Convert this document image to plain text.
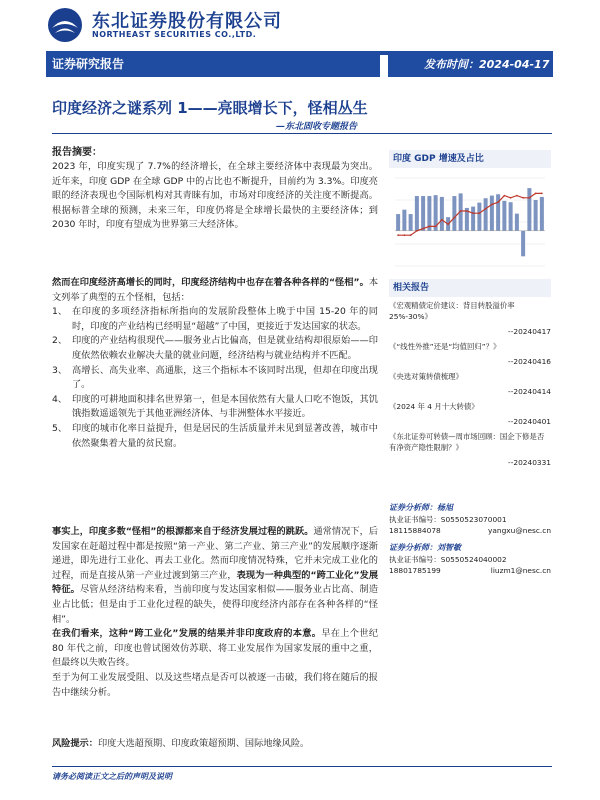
东北证券股份有限公司
NORTHEAST SECURITIES CO.,LTD.
证券研究报告	发布时间：2024-04-17
印度经济之谜系列 1——亮眼增长下，怪相丛生
—东北固收专题报告
报告摘要：

2023 年，印度实现了 7.7%的经济增长，在全球主要经济体中表现最为突出。近年来，印度 GDP 在全球 GDP 中的占比也不断提升，目前约为 3.3%。印度亮眼的经济表现也令国际机构对其青睐有加，市场对印度经济的关注度不断提高。根据标普全球的预测，未来三年，印度仍将是全球增长最快的主要经济体；到 2030 年时，印度有望成为世界第三大经济体。

然而在印度经济高增长的同时，印度经济结构中也存在着各种各样的“怪相”。本文列举了典型的五个怪相，包括：

1、 在印度的多项经济指标所指向的发展阶段整体上晚于中国 15-20 年的同时，印度的产业结构已经明显“超越”了中国，更接近于发达国家的状态。
2、 印度的产业结构很现代——服务业占比偏高，但是就业结构却很原始——印度依然依赖农业解决大量的就业问题，经济结构与就业结构并不匹配。
3、 高增长、高失业率、高通胀，这三个指标本不该同时出现，但却在印度出现了。
4、 印度的可耕地面积排名世界第一，但是本国依然有大量人口吃不饱饭，其饥饿指数遥遥领先于其他亚洲经济体、与非洲整体水平接近。
5、 印度的城市化率日益提升，但是居民的生活质量并未见到显著改善，城市中依然聚集着大量的贫民窟。

事实上，印度多数“怪相”的根源都来自于经济发展过程的跳跃。通常情况下，后发国家在赶超过程中都是按照“第一产业、第二产业、第三产业”的发展顺序逐渐递进，即先进行工业化、再去工业化。然而印度情况特殊，它并未完成工业化的过程，而是直接从第一产业过渡到第三产业，表现为一种典型的“跨工业化”发展特征。尽管从经济结构来看，当前印度与发达国家相似——服务业占比高、制造业占比低；但是由于工业化过程的缺失，使得印度经济内部存在各种各样的“怪相”。

在我们看来，这种“跨工业化”发展的结果并非印度政府的本意。早在上个世纪 80 年代之前，印度也曾试图效仿苏联、将工业发展作为国家发展的重中之重，但最终以失败告终。

至于为何工业发展受阻、以及这些堵点是否可以被逐一击破，我们将在随后的报告中继续分析。

风险提示：印度大选超预期、印度政策超预期、国际地缘风险。

印度 GDP 增速及占比
相关报告
《宏观精债定价建议：背目转股溢价率 25%-30%》
--20240417
《“线性外推”还是“均值回归”？》
--20240416
《央选对策转债梳理》
--20240414
《2024 年 4 月十大转债》
--20240401
《东北证券可转债—周市场回顾：国企下修是否有净资产隐性限制？》
--20240331
证券分析师：杨旭
执业证书编号：S0550523070001
18115884078	yangxu@nesc.cn
证券分析师：刘智敏
执业证书编号：S0550524040002
18801785199	liuzm1@nesc.cn
请务必阅读正文之后的声明及说明
